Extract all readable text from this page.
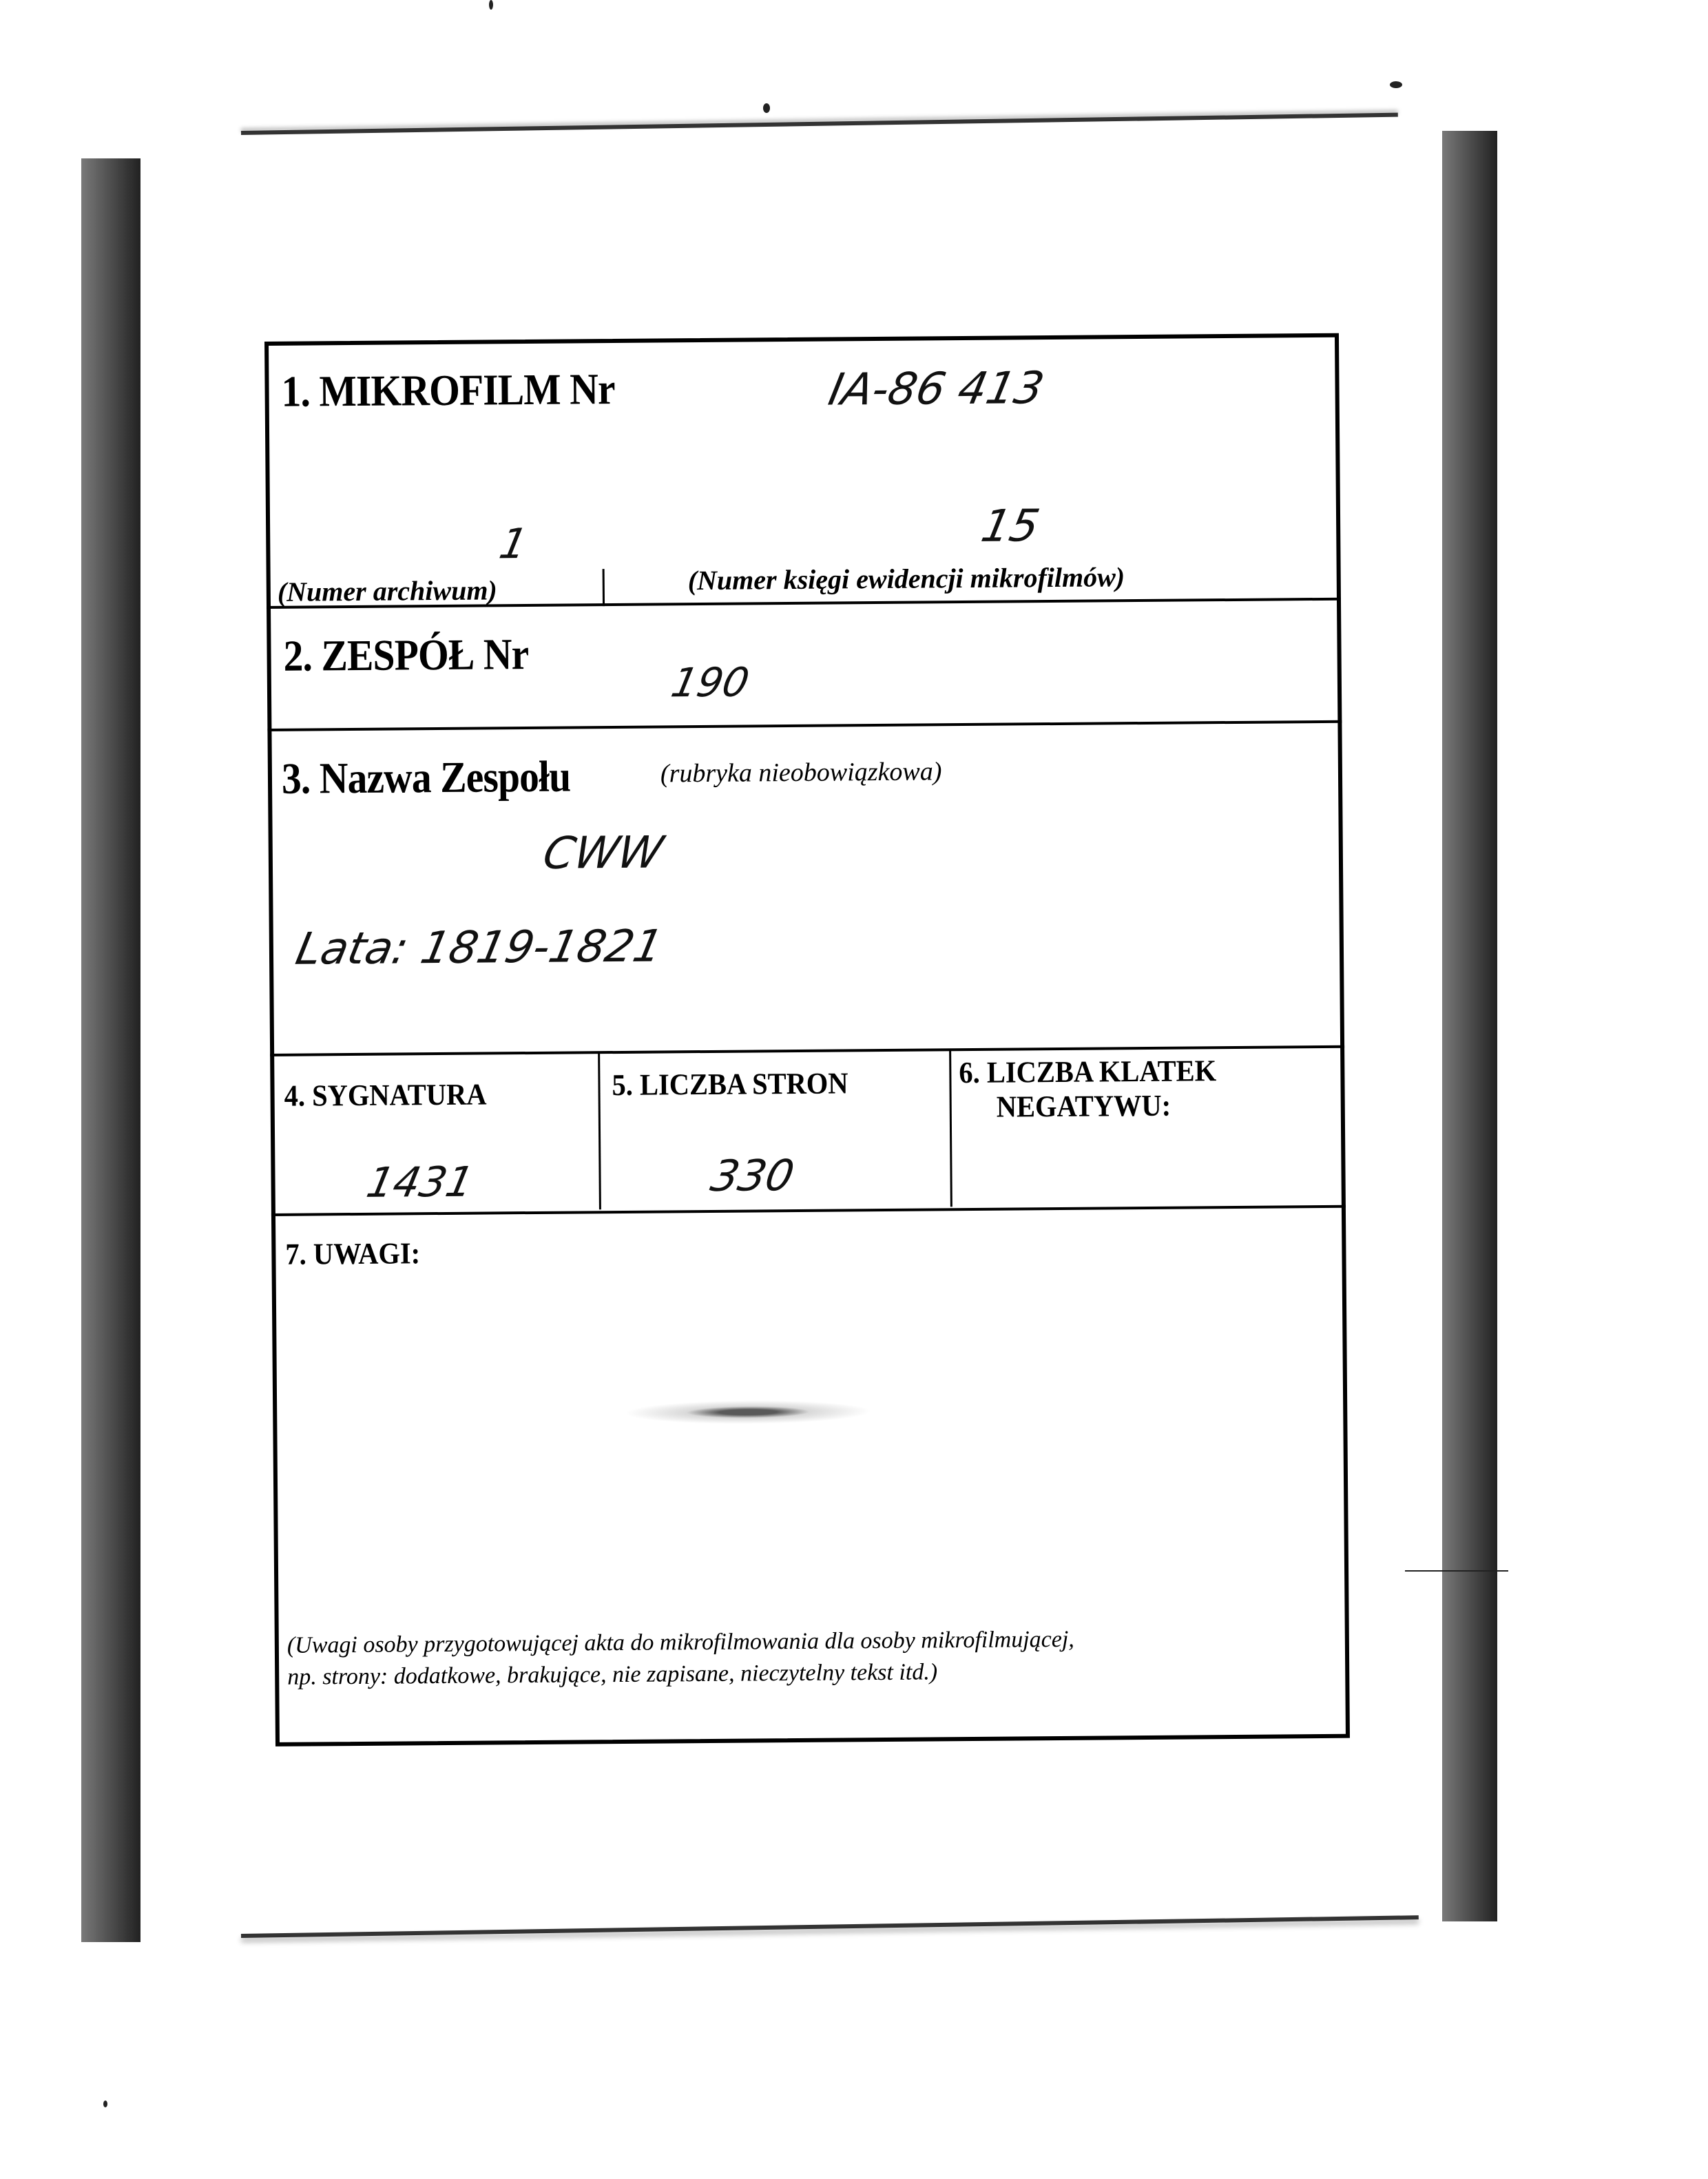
1. MIKROFILM Nr	IA-86 413
1	15
(Numer archiwum)	(Numer księgi ewidencji mikrofilmów)
2. ZESPÓŁ Nr
190
3. Nazwa Zespołu	(rubryka nieobowiązkowa)
CWW
Lata: 1819-1821
4. SYGNATURA	5. LICZBA STRON	6. LICZBA KLATEK
NEGATYWU:
1431	330
7. UWAGI:
(Uwagi osoby przygotowującej akta do mikrofilmowania dla osoby mikrofilmującej,
np. strony: dodatkowe, brakujące, nie zapisane, nieczytelny tekst itd.)
